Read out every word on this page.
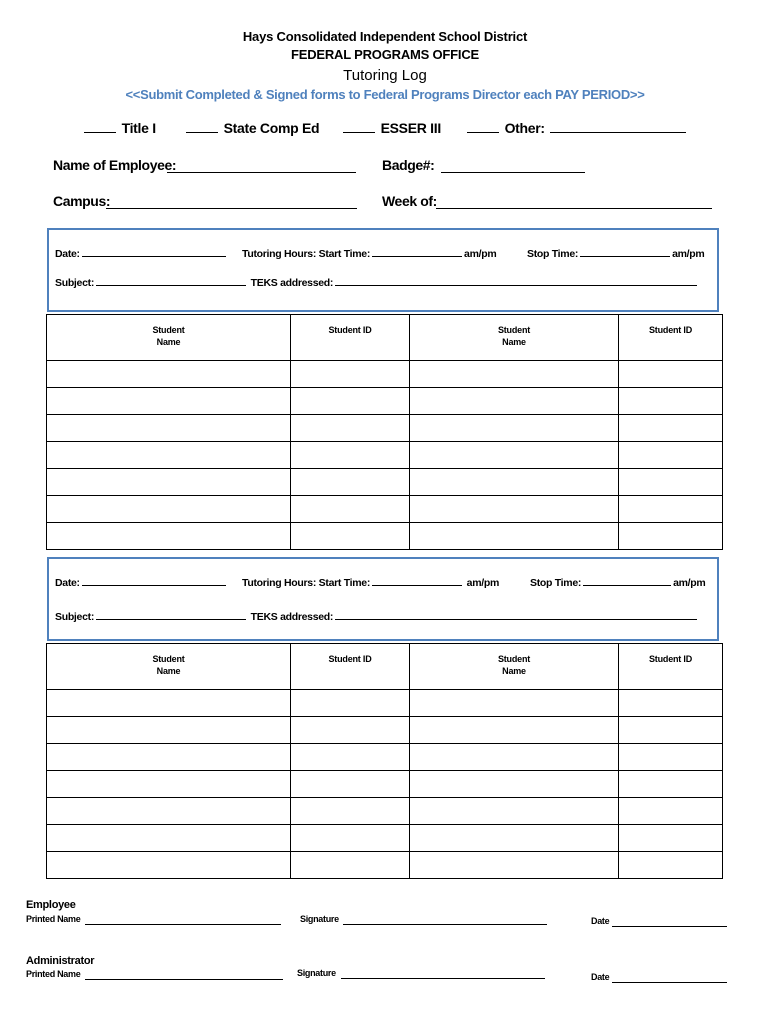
Hays Consolidated Independent School District
FEDERAL PROGRAMS OFFICE
Tutoring Log
<<Submit Completed & Signed forms to Federal Programs Director each PAY PERIOD>>
Title I	State Comp Ed	ESSER III	Other:
Name of Employee:	Badge#:
Campus:	Week of:
Date:	Tutoring Hours: Start Time:	am/pm	Stop Time:	am/pm
Subject:	TEKS addressed:
Student Name	Student ID	Student Name	Student ID

Date:	Tutoring Hours: Start Time:	am/pm	Stop Time:	am/pm
Subject:	TEKS addressed:
Student Name	Student ID	Student Name	Student ID

Employee
Printed Name	Signature	Date
Administrator
Printed Name	Signature	Date
